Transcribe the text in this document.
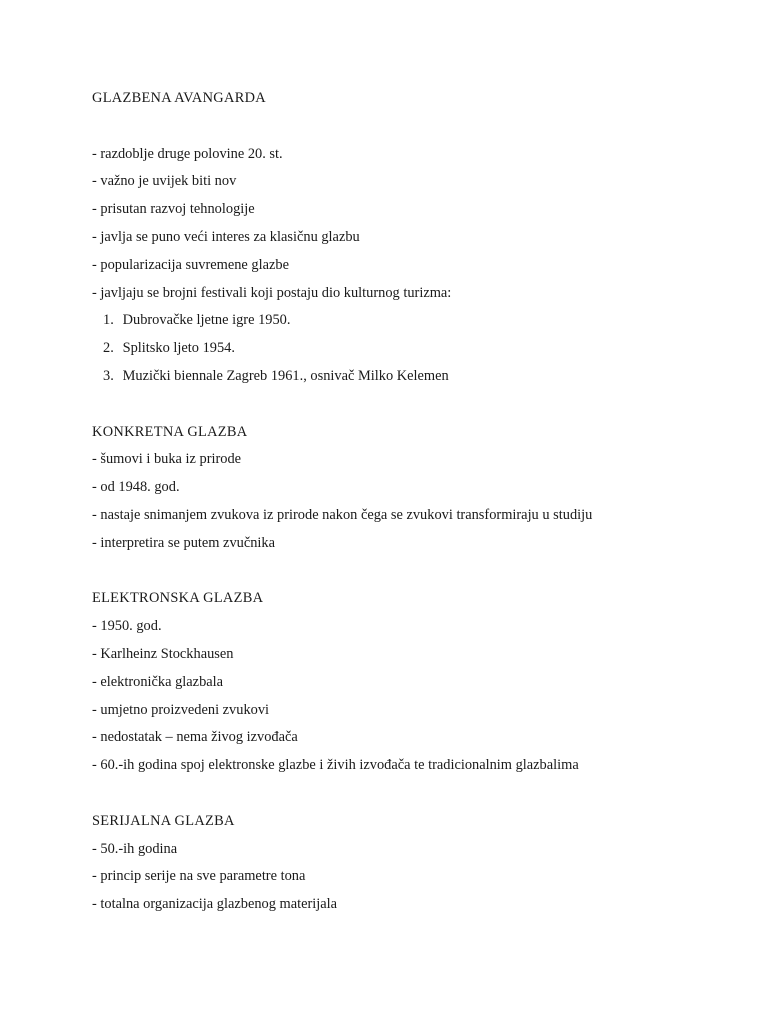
GLAZBENA AVANGARDA
- razdoblje druge polovine 20. st.
- važno je uvijek biti nov
- prisutan razvoj tehnologije
- javlja se puno veći interes za klasičnu glazbu
- popularizacija suvremene glazbe
- javljaju se brojni festivali koji postaju dio kulturnog turizma:
1. Dubrovačke ljetne igre 1950.
2. Splitsko ljeto 1954.
3. Muzički biennale Zagreb 1961., osnivač Milko Kelemen
KONKRETNA GLAZBA
- šumovi i buka iz prirode
- od 1948. god.
- nastaje snimanjem zvukova iz prirode nakon čega se zvukovi transformiraju u studiju
- interpretira se putem zvučnika
ELEKTRONSKA GLAZBA
- 1950. god.
- Karlheinz Stockhausen
- elektronička glazbala
- umjetno proizvedeni zvukovi
- nedostatak – nema živog izvođača
- 60.-ih godina spoj elektronske glazbe i živih izvođača te tradicionalnim glazbalima
SERIJALNA GLAZBA
- 50.-ih godina
- princip serije na sve parametre tona
- totalna organizacija glazbenog materijala
